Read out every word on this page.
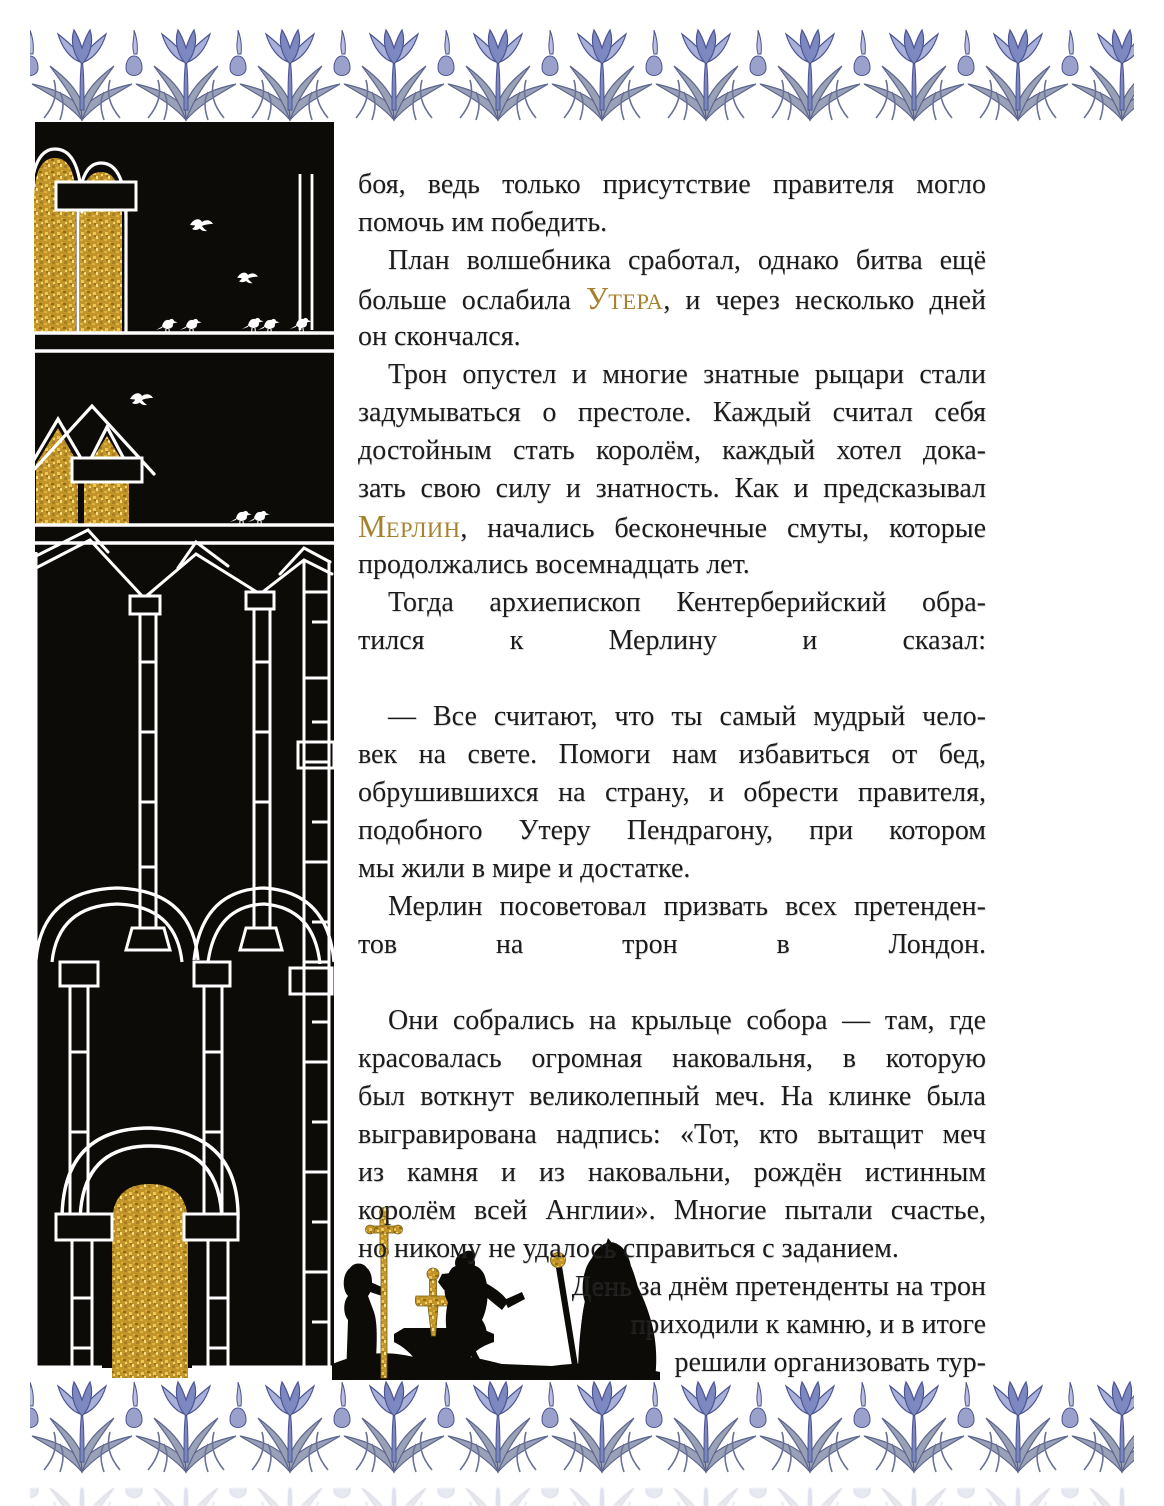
боя, ведь только присутствие правителя могло
помочь им победить.
План волшебника сработал, однако битва ещё
больше ослабила УТЕРА, и через несколько дней
он скончался.
Трон опустел и многие знатные рыцари стали
задумываться о престоле. Каждый считал себя
достойным стать королём, каждый хотел дока-
зать свою силу и знатность. Как и предсказывал
МЕРЛИН, начались бесконечные смуты, которые
продолжались восемнадцать лет.
Тогда архиепископ Кентерберийский обра-
тился к Мерлину и сказал:
— Все считают, что ты самый мудрый чело-
век на свете. Помоги нам избавиться от бед,
обрушившихся на страну, и обрести правителя,
подобного Утеру Пендрагону, при котором
мы жили в мире и достатке.
Мерлин посоветовал призвать всех претенден-
тов на трон в Лондон.
Они собрались на крыльце собора — там, где
красовалась огромная наковальня, в которую
был воткнут великолепный меч. На клинке была
выгравирована надпись: «Тот, кто вытащит меч
из камня и из наковальни, рождён истинным
королём всей Англии». Многие пытали счастье,
но никому не удалось справиться с заданием.
День за днём претенденты на трон
приходили к камню, и в итоге
решили организовать тур-
